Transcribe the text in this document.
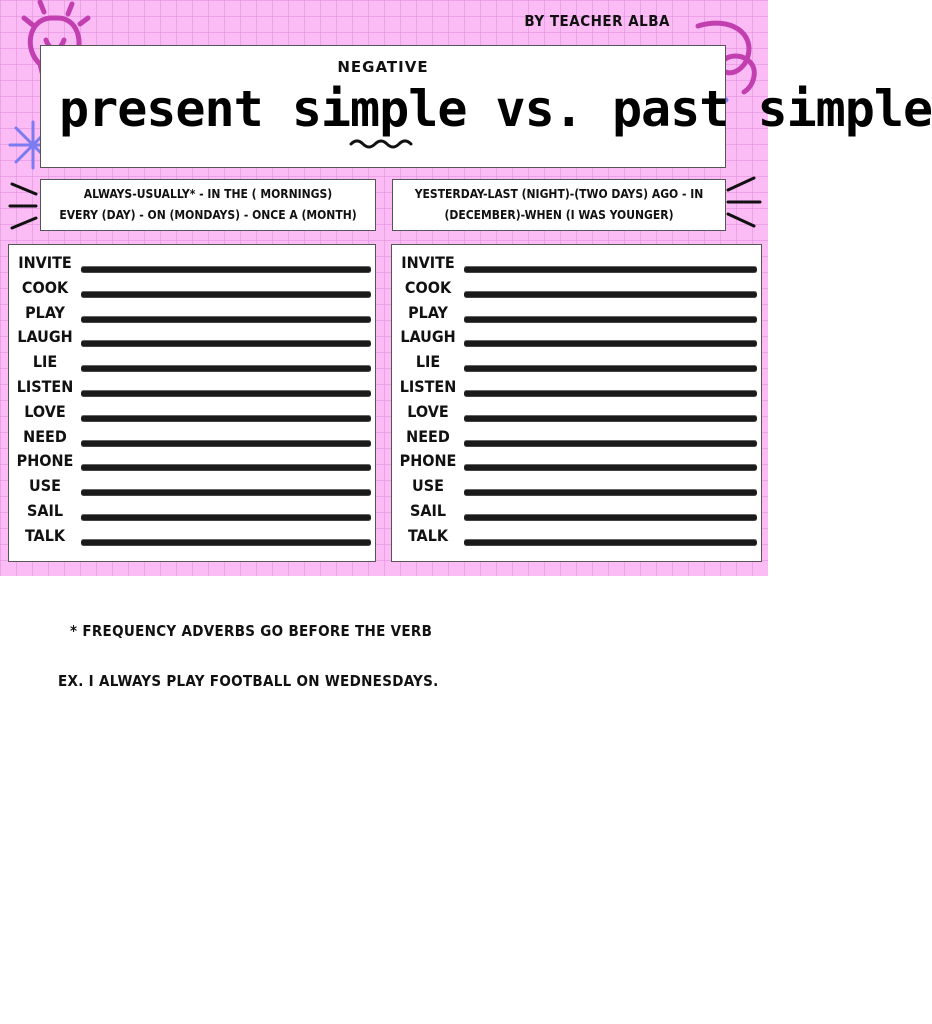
BY TEACHER ALBA
NEGATIVE
present simple vs. past simple
ALWAYS-USUALLY* - IN THE ( MORNINGS)
EVERY (DAY) - ON (MONDAYS) - ONCE A (MONTH)
YESTERDAY-LAST (NIGHT)-(TWO DAYS) AGO - IN
(DECEMBER)-WHEN (I WAS YOUNGER)
INVITE
COOK
PLAY
LAUGH
LIE
LISTEN
LOVE
NEED
PHONE
USE
SAIL
TALK
INVITE
COOK
PLAY
LAUGH
LIE
LISTEN
LOVE
NEED
PHONE
USE
SAIL
TALK
* FREQUENCY ADVERBS GO BEFORE THE VERB
EX. I ALWAYS PLAY FOOTBALL ON WEDNESDAYS.
